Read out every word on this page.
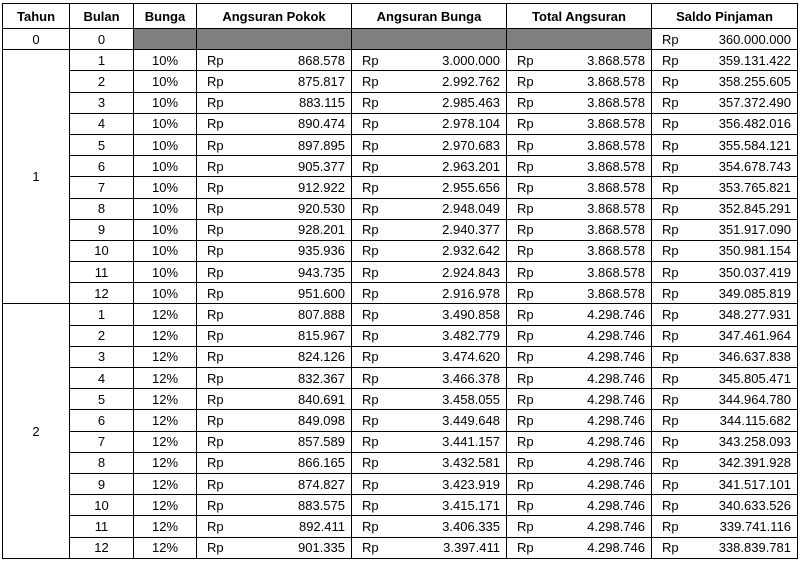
Tahun	Bulan	Bunga	Angsuran Pokok	Angsuran Bunga	Total Angsuran	Saldo Pinjaman
0	0					Rp 360.000.000

1	1	10%	Rp 868.578	Rp 3.000.000	Rp 3.868.578	Rp 359.131.422

	2	10%	Rp 875.817	Rp 2.992.762	Rp 3.868.578	Rp 358.255.605

	3	10%	Rp 883.115	Rp 2.985.463	Rp 3.868.578	Rp 357.372.490

	4	10%	Rp 890.474	Rp 2.978.104	Rp 3.868.578	Rp 356.482.016

	5	10%	Rp 897.895	Rp 2.970.683	Rp 3.868.578	Rp 355.584.121

	6	10%	Rp 905.377	Rp 2.963.201	Rp 3.868.578	Rp 354.678.743

	7	10%	Rp 912.922	Rp 2.955.656	Rp 3.868.578	Rp 353.765.821

	8	10%	Rp 920.530	Rp 2.948.049	Rp 3.868.578	Rp 352.845.291

	9	10%	Rp 928.201	Rp 2.940.377	Rp 3.868.578	Rp 351.917.090

	10	10%	Rp 935.936	Rp 2.932.642	Rp 3.868.578	Rp 350.981.154

	11	10%	Rp 943.735	Rp 2.924.843	Rp 3.868.578	Rp 350.037.419

	12	10%	Rp 951.600	Rp 2.916.978	Rp 3.868.578	Rp 349.085.819

2	1	12%	Rp 807.888	Rp 3.490.858	Rp 4.298.746	Rp 348.277.931

	2	12%	Rp 815.967	Rp 3.482.779	Rp 4.298.746	Rp 347.461.964

	3	12%	Rp 824.126	Rp 3.474.620	Rp 4.298.746	Rp 346.637.838

	4	12%	Rp 832.367	Rp 3.466.378	Rp 4.298.746	Rp 345.805.471

	5	12%	Rp 840.691	Rp 3.458.055	Rp 4.298.746	Rp 344.964.780

	6	12%	Rp 849.098	Rp 3.449.648	Rp 4.298.746	Rp 344.115.682

	7	12%	Rp 857.589	Rp 3.441.157	Rp 4.298.746	Rp 343.258.093

	8	12%	Rp 866.165	Rp 3.432.581	Rp 4.298.746	Rp 342.391.928

	9	12%	Rp 874.827	Rp 3.423.919	Rp 4.298.746	Rp 341.517.101

	10	12%	Rp 883.575	Rp 3.415.171	Rp 4.298.746	Rp 340.633.526

	11	12%	Rp 892.411	Rp 3.406.335	Rp 4.298.746	Rp 339.741.116

	12	12%	Rp 901.335	Rp 3.397.411	Rp 4.298.746	Rp 338.839.781
